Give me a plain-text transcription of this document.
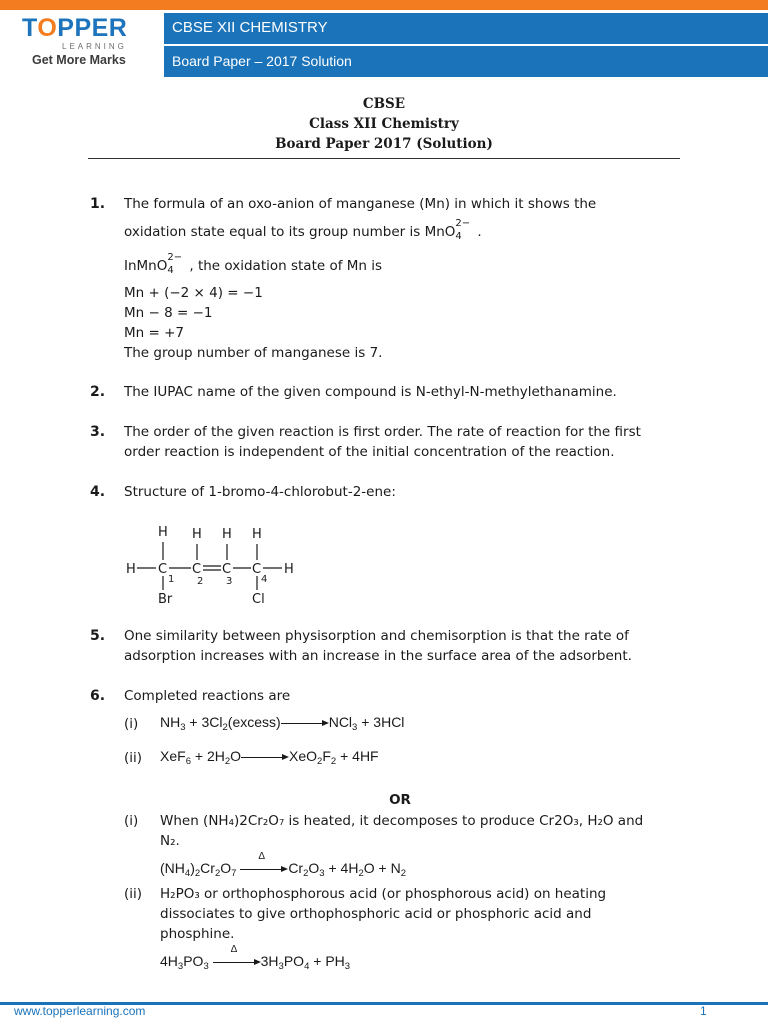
TOPPER
LEARNING
Get More Marks
CBSE XII CHEMISTRY
Board Paper – 2017 Solution
CBSE
Class XII Chemistry
Board Paper 2017 (Solution)
1. The formula of an oxo-anion of manganese (Mn) in which it shows the
oxidation state equal to its group number is MnO
2−
4 .
InMnO
2−
4 , the oxidation state of Mn is
Mn + (−2 × 4) = −1
Mn − 8 = −1
Mn = +7
The group number of manganese is 7.
2. The IUPAC name of the given compound is N-ethyl-N-methylethanamine.
3. The order of the given reaction is first order. The rate of reaction for the first
order reaction is independent of the initial concentration of the reaction.
4. Structure of 1-bromo-4-chlorobut-2-ene:
H H H H
H C C C C H
1 2 3	4
Br	Cl
5. One similarity between physisorption and chemisorption is that the rate of
adsorption increases with an increase in the surface area of the adsorbent.
6. Completed reactions are
(i) $NH_3$ + $3Cl_2(excess)$	NCl$_3$ + 3HCl
(ii) $XeF_6 + 2H_2O$	$XeO_2F_2 + 4HF$
OR
(i) When (NH₄)2Cr₂O₇ is heated, it decomposes to produce Cr2O₃, H₂O and
N₂.
$(NH_4)_2Cr_2O_7$
Δ
$Cr_2O_3 + 4H_2O + N_2$
(ii) H₂PO₃ or orthophosphorous acid (or phosphorous acid) on heating
dissociates to give orthophosphoric acid or phosphoric acid and
phosphine.
$4H_3PO_3$
Δ
$3H_3PO_4 + PH_3$
www.topperlearning.com	1
